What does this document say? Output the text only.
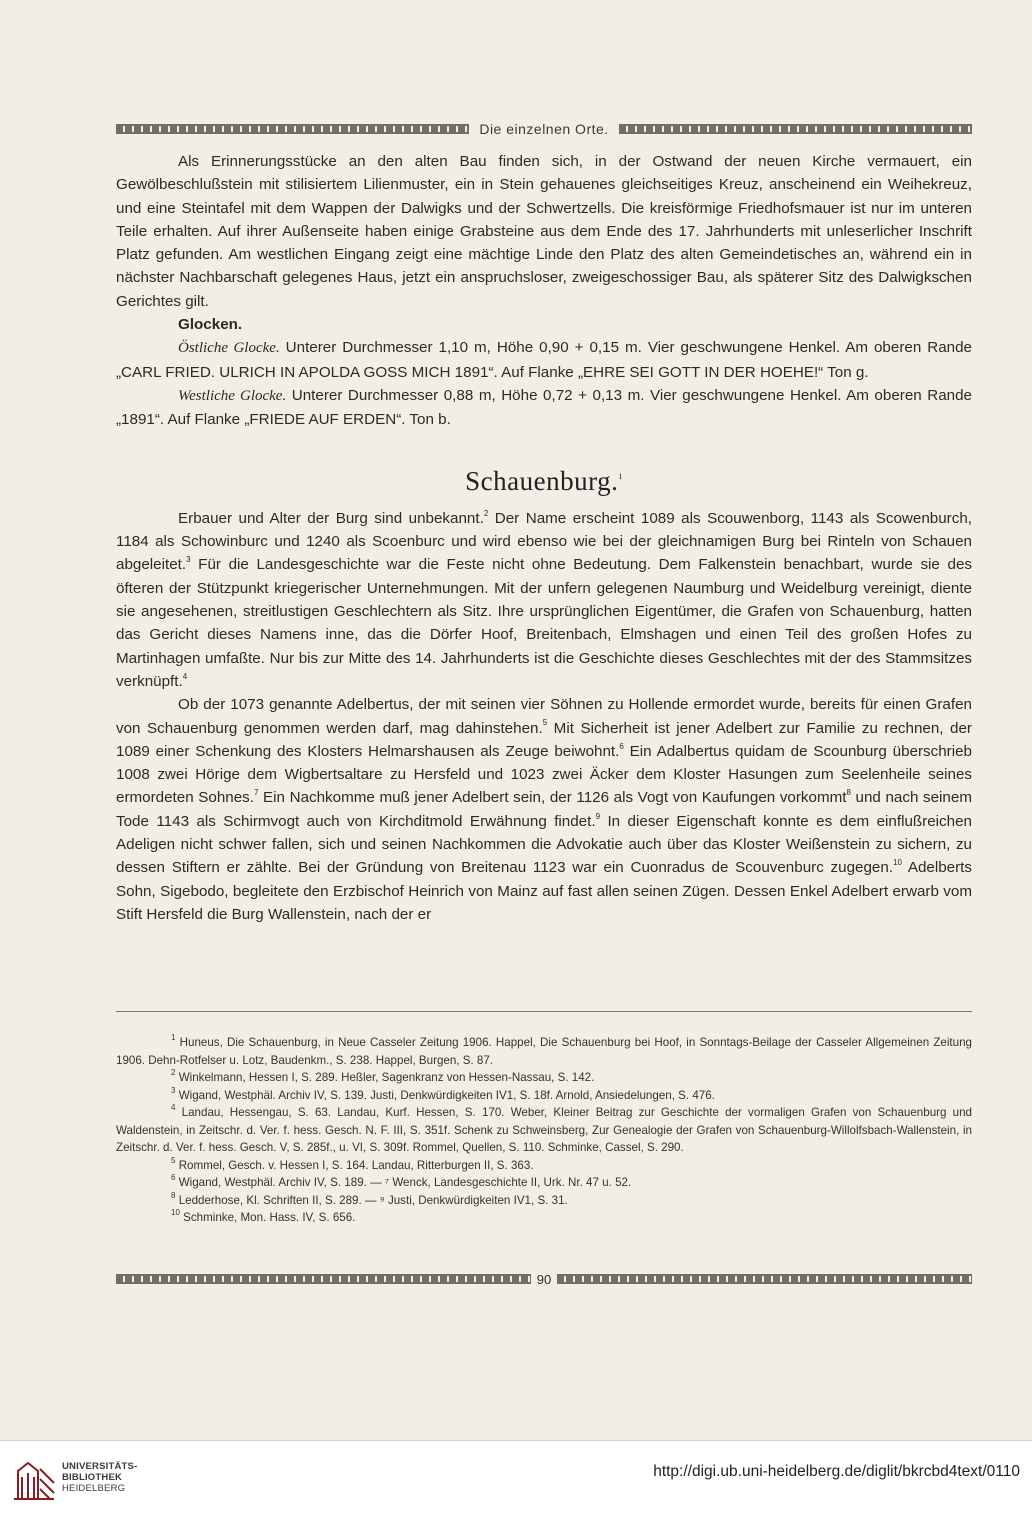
Die einzelnen Orte.

Als Erinnerungsstücke an den alten Bau finden sich, in der Ostwand der neuen Kirche vermauert, ein Gewölbeschlußstein mit stilisiertem Lilienmuster, ein in Stein gehauenes gleichseitiges Kreuz, anscheinend ein Weihekreuz, und eine Steintafel mit dem Wappen der Dalwigks und der Schwertzells. Die kreisförmige Friedhofsmauer ist nur im unteren Teile erhalten. Auf ihrer Außenseite haben einige Grabsteine aus dem Ende des 17. Jahrhunderts mit unleserlicher Inschrift Platz gefunden. Am westlichen Eingang zeigt eine mächtige Linde den Platz des alten Gemeindetisches an, während ein in nächster Nachbarschaft gelegenes Haus, jetzt ein anspruchsloser, zweigeschossiger Bau, als späterer Sitz des Dalwigkschen Gerichtes gilt.

Glocken.

Östliche Glocke. Unterer Durchmesser 1,10 m, Höhe 0,90 + 0,15 m. Vier geschwungene Henkel. Am oberen Rande „CARL FRIED. ULRICH IN APOLDA GOSS MICH 1891“. Auf Flanke „EHRE SEI GOTT IN DER HOEHE!“ Ton g.

Westliche Glocke. Unterer Durchmesser 0,88 m, Höhe 0,72 + 0,13 m. Vier geschwungene Henkel. Am oberen Rande „1891“. Auf Flanke „FRIEDE AUF ERDEN“. Ton b.

Schauenburg.$^1$

Erbauer und Alter der Burg sind unbekannt.$^2$ Der Name erscheint 1089 als Scouwenborg, 1143 als Scowenburch, 1184 als Schowinburc und 1240 als Scoenburc und wird ebenso wie bei der gleichnamigen Burg bei Rinteln von Schauen abgeleitet.$^3$ Für die Landesgeschichte war die Feste nicht ohne Bedeutung. Dem Falkenstein benachbart, wurde sie des öfteren der Stützpunkt kriegerischer Unternehmungen. Mit der unfern gelegenen Naumburg und Weidelburg vereinigt, diente sie angesehenen, streitlustigen Geschlechtern als Sitz. Ihre ursprünglichen Eigentümer, die Grafen von Schauenburg, hatten das Gericht dieses Namens inne, das die Dörfer Hoof, Breitenbach, Elmshagen und einen Teil des großen Hofes zu Martinhagen umfaßte. Nur bis zur Mitte des 14. Jahrhunderts ist die Geschichte dieses Geschlechtes mit der des Stammsitzes verknüpft.$^4$

Ob der 1073 genannte Adelbertus, der mit seinen vier Söhnen zu Hollende ermordet wurde, bereits für einen Grafen von Schauenburg genommen werden darf, mag dahinstehen.$^5$ Mit Sicherheit ist jener Adelbert zur Familie zu rechnen, der 1089 einer Schenkung des Klosters Helmarshausen als Zeuge beiwohnt.$^6$ Ein Adalbertus quidam de Scounburg überschrieb 1008 zwei Hörige dem Wigbertsaltare zu Hersfeld und 1023 zwei Äcker dem Kloster Hasungen zum Seelenheile seines ermordeten Sohnes.$^7$ Ein Nachkomme muß jener Adelbert sein, der 1126 als Vogt von Kaufungen vorkommt$^8$ und nach seinem Tode 1143 als Schirmvogt auch von Kirchditmold Erwähnung findet.$^9$ In dieser Eigenschaft konnte es dem einflußreichen Adeligen nicht schwer fallen, sich und seinen Nachkommen die Advokatie auch über das Kloster Weißenstein zu sichern, zu dessen Stiftern er zählte. Bei der Gründung von Breitenau 1123 war ein Cuonradus de Scouvenburc zugegen.$^{10}$ Adelberts Sohn, Sigebodo, begleitete den Erzbischof Heinrich von Mainz auf fast allen seinen Zügen. Dessen Enkel Adelbert erwarb vom Stift Hersfeld die Burg Wallenstein, nach der er

$^1$ Huneus, Die Schauenburg, in Neue Casseler Zeitung 1906. Happel, Die Schauenburg bei Hoof, in Sonntags-Beilage der Casseler Allgemeinen Zeitung 1906. Dehn-Rotfelser u. Lotz, Baudenkm., S. 238. Happel, Burgen, S. 87.

$^2$ Winkelmann, Hessen I, S. 289. Heßler, Sagenkranz von Hessen-Nassau, S. 142.

$^3$ Wigand, Westphäl. Archiv IV, S. 139. Justi, Denkwürdigkeiten IV1, S. 18f. Arnold, Ansiedelungen, S. 476.

$^4$ Landau, Hessengau, S. 63. Landau, Kurf. Hessen, S. 170. Weber, Kleiner Beitrag zur Geschichte der vormaligen Grafen von Schauenburg und Waldenstein, in Zeitschr. d. Ver. f. hess. Gesch. N. F. III, S. 351f. Schenk zu Schweinsberg, Zur Genealogie der Grafen von Schauenburg-Willolfsbach-Wallenstein, in Zeitschr. d. Ver. f. hess. Gesch. V, S. 285f., u. VI, S. 309f. Rommel, Quellen, S. 110. Schminke, Cassel, S. 290.

$^5$ Rommel, Gesch. v. Hessen I, S. 164. Landau, Ritterburgen II, S. 363.

$^6$ Wigand, Westphäl. Archiv IV, S. 189. — ⁷ Wenck, Landesgeschichte II, Urk. Nr. 47 u. 52.

$^8$ Ledderhose, Kl. Schriften II, S. 289. — ⁹ Justi, Denkwürdigkeiten IV1, S. 31.

$^{10}$ Schminke, Mon. Hass. IV, S. 656.

90
UNIVERSITÄTS-
BIBLIOTHEK
HEIDELBERG
http://digi.ub.uni-heidelberg.de/diglit/bkrcbd4text/0110
